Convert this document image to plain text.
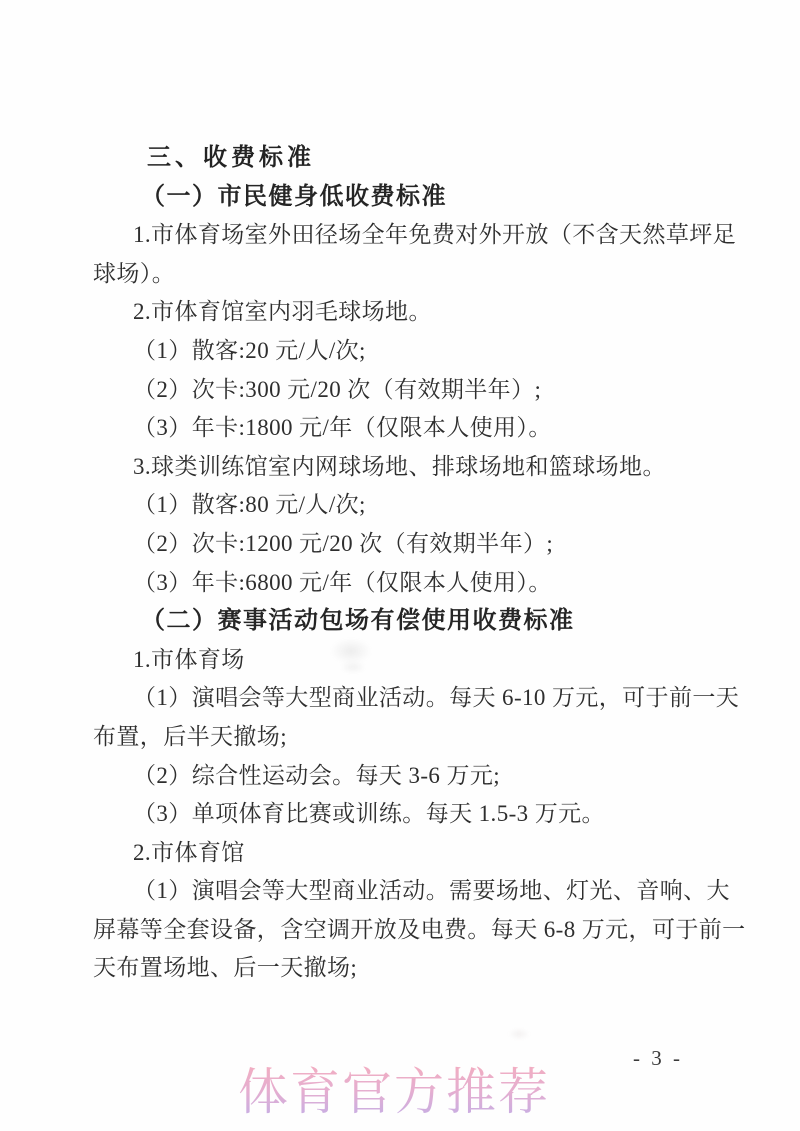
三、收费标准
（一）市民健身低收费标准
1.市体育场室外田径场全年免费对外开放（不含天然草坪足
球场）。
2.市体育馆室内羽毛球场地。
（1）散客:20 元/人/次;
（2）次卡:300 元/20 次（有效期半年）;
（3）年卡:1800 元/年（仅限本人使用）。
3.球类训练馆室内网球场地、排球场地和篮球场地。
（1）散客:80 元/人/次;
（2）次卡:1200 元/20 次（有效期半年）;
（3）年卡:6800 元/年（仅限本人使用）。
（二）赛事活动包场有偿使用收费标准
1.市体育场
（1）演唱会等大型商业活动。每天 6-10 万元，可于前一天
布置，后半天撤场;
（2）综合性运动会。每天 3-6 万元;
（3）单项体育比赛或训练。每天 1.5-3 万元。
2.市体育馆
（1）演唱会等大型商业活动。需要场地、灯光、音响、大
屏幕等全套设备，含空调开放及电费。每天 6-8 万元，可于前一
天布置场地、后一天撤场;
体育官方推荐
- 3 -
